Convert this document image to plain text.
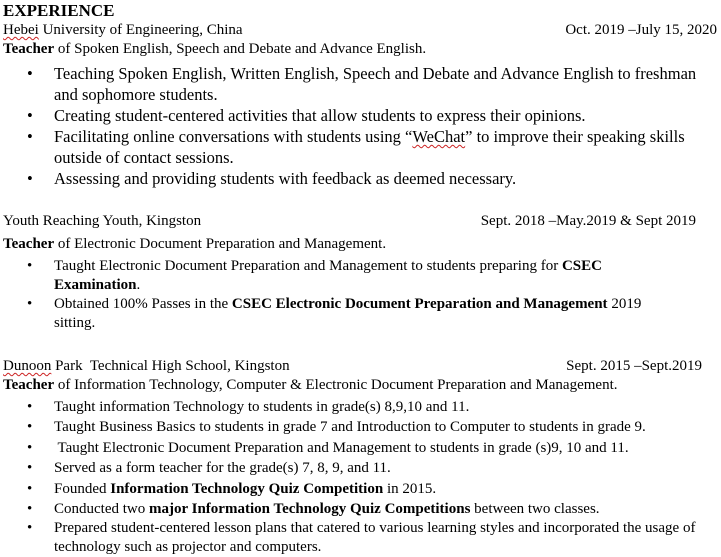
EXPERIENCE
Hebei University of Engineering, China	Oct. 2019 –July 15, 2020
Teacher of Spoken English, Speech and Debate and Advance English.
• Teaching Spoken English, Written English, Speech and Debate and Advance English to freshman and sophomore students.
• Creating student-centered activities that allow students to express their opinions.
• Facilitating online conversations with students using “WeChat” to improve their speaking skills outside of contact sessions.
• Assessing and providing students with feedback as deemed necessary.
Youth Reaching Youth, Kingston	Sept. 2018 –May.2019 & Sept 2019
Teacher of Electronic Document Preparation and Management.
• Taught Electronic Document Preparation and Management to students preparing for CSEC Examination.
• Obtained 100% Passes in the CSEC Electronic Document Preparation and Management 2019 sitting.
Dunoon Park  Technical High School, Kingston	Sept. 2015 –Sept.2019
Teacher of Information Technology, Computer & Electronic Document Preparation and Management.
• Taught information Technology to students in grade(s) 8,9,10 and 11.
• Taught Business Basics to students in grade 7 and Introduction to Computer to students in grade 9.
•  Taught Electronic Document Preparation and Management to students in grade (s)9, 10 and 11.
• Served as a form teacher for the grade(s) 7, 8, 9, and 11.
• Founded Information Technology Quiz Competition in 2015.
• Conducted two major Information Technology Quiz Competitions between two classes.
• Prepared student-centered lesson plans that catered to various learning styles and incorporated the usage of technology such as projector and computers.
